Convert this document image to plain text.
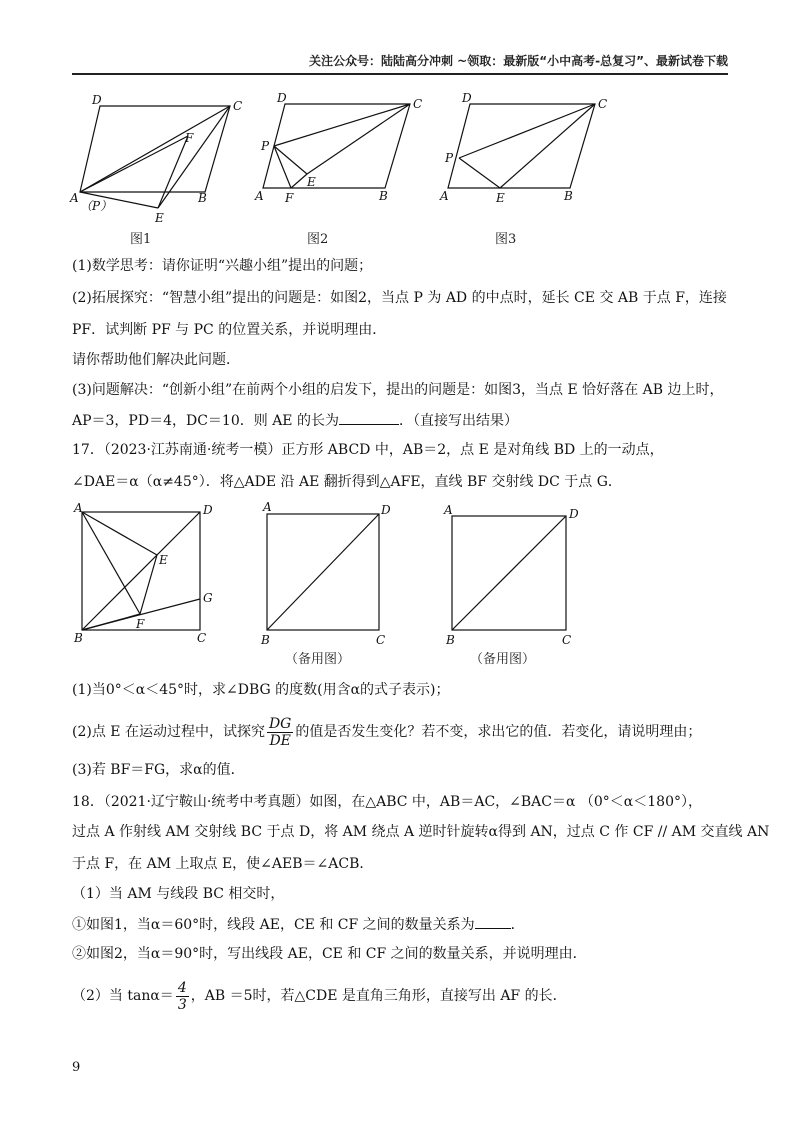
关注公众号：陆陆高分冲刺 ~领取：最新版“小中高考-总复习”、最新试卷下载
D	C
F
A
（P）
E
B
图1
D	C
P
E
A F	B
图2
D	C
P
A	E	B
图3
(1)数学思考：请你证明“兴趣小组”提出的问题；
(2)拓展探究：“智慧小组”提出的问题是：如图2，当点 P 为 AD 的中点时，延长 CE 交 AB 于点 F，连接
PF．试判断 PF 与 PC 的位置关系，并说明理由．
请你帮助他们解决此问题．
(3)问题解决：“创新小组”在前两个小组的启发下，提出的问题是：如图3，当点 E 恰好落在 AB 边上时，
AP＝3，PD＝4，DC＝10．则 AE 的长为	．（直接写出结果）
17．（2023·江苏南通·统考一模）正方形 ABCD 中，AB＝2，点 E 是对角线 BD 上的一动点，
∠DAE＝α（α≠45°）．将△ADE 沿 AE 翻折得到△AFE，直线 BF 交射线 DC 于点 G．
A	D
E
G
B
F
C
A	D
B	C
（备用图）
A	D
B	C
（备用图）
(1)当0°＜α＜45°时，求∠DBG 的度数(用含α的式子表示)；
(2)点 E 在运动过程中，试探究 $\frac{DG}{DE}$ 的值是否发生变化？若不变，求出它的值．若变化，请说明理由；
(3)若 BF＝FG，求α的值．
18．（2021·辽宁鞍山·统考中考真题）如图，在△ABC 中，AB＝AC，∠BAC＝α （0°＜α＜180°），
过点 A 作射线 AM 交射线 BC 于点 D，将 AM 绕点 A 逆时针旋转α得到 AN，过点 C 作 CF // AM 交直线 AN
于点 F，在 AM 上取点 E，使∠AEB＝∠ACB．
（1）当 AM 与线段 BC 相交时，
①如图1，当α＝60°时，线段 AE，CE 和 CF 之间的数量关系为	．
②如图2，当α＝90°时，写出线段 AE，CE 和 CF 之间的数量关系，并说明理由．
（2）当 $\tan\alpha= \frac{4}{3}$ ，AB ＝5时，若△CDE 是直角三角形，直接写出 AF 的长．
9
